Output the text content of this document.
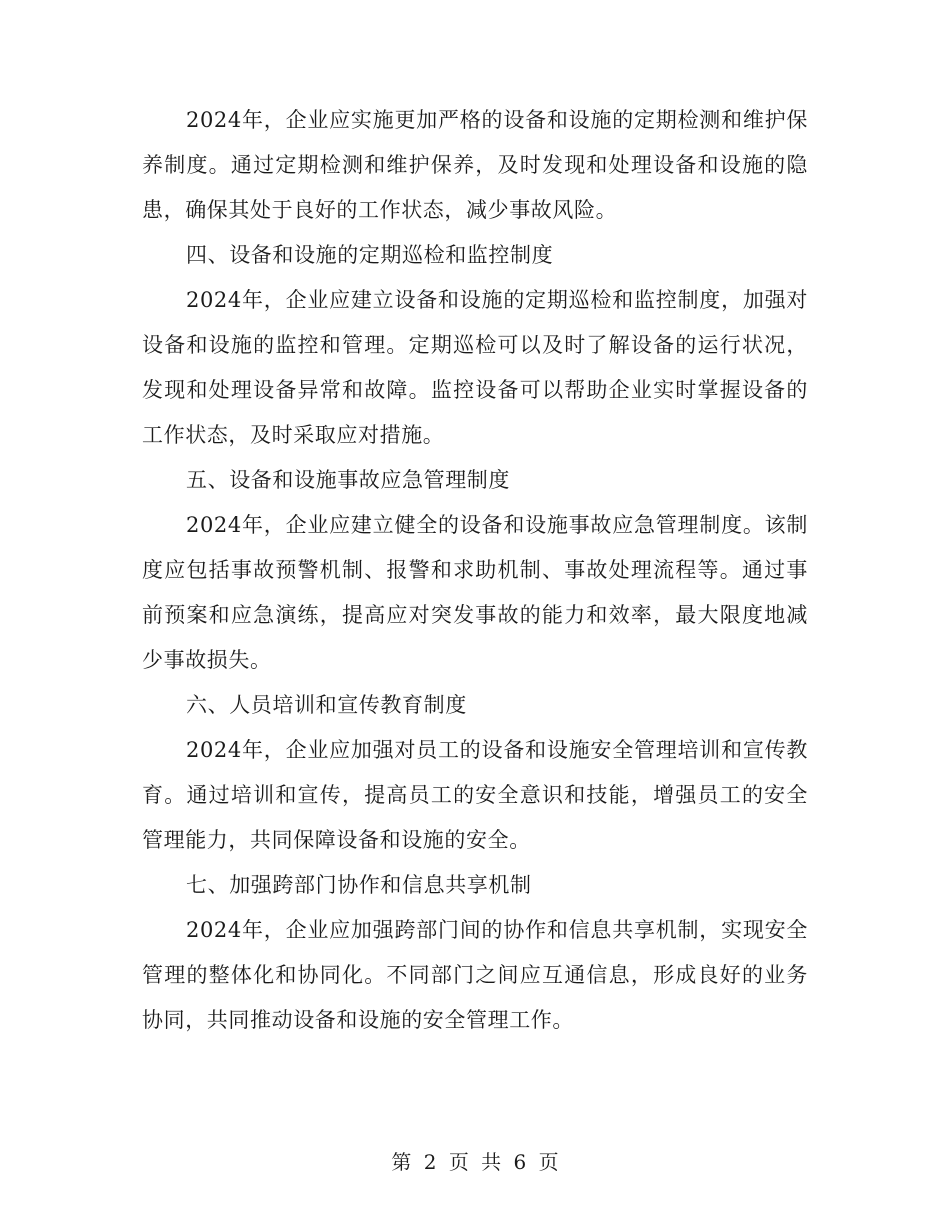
2024年，企业应实施更加严格的设备和设施的定期检测和维护保养制度。通过定期检测和维护保养，及时发现和处理设备和设施的隐患，确保其处于良好的工作状态，减少事故风险。

四、设备和设施的定期巡检和监控制度

2024年，企业应建立设备和设施的定期巡检和监控制度，加强对设备和设施的监控和管理。定期巡检可以及时了解设备的运行状况，发现和处理设备异常和故障。监控设备可以帮助企业实时掌握设备的工作状态，及时采取应对措施。

五、设备和设施事故应急管理制度

2024年，企业应建立健全的设备和设施事故应急管理制度。该制度应包括事故预警机制、报警和求助机制、事故处理流程等。通过事前预案和应急演练，提高应对突发事故的能力和效率，最大限度地减少事故损失。

六、人员培训和宣传教育制度

2024年，企业应加强对员工的设备和设施安全管理培训和宣传教育。通过培训和宣传，提高员工的安全意识和技能，增强员工的安全管理能力，共同保障设备和设施的安全。

七、加强跨部门协作和信息共享机制

2024年，企业应加强跨部门间的协作和信息共享机制，实现安全管理的整体化和协同化。不同部门之间应互通信息，形成良好的业务协同，共同推动设备和设施的安全管理工作。

第 2 页 共 6 页
